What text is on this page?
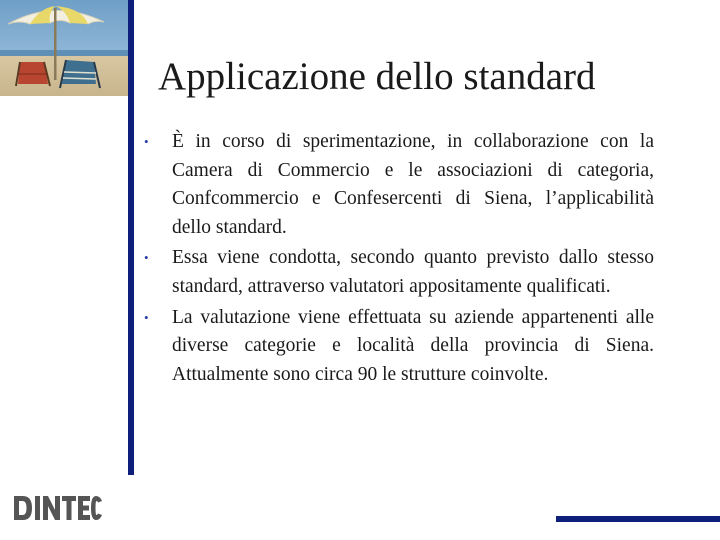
Applicazione dello standard

• È in corso di sperimentazione, in collaborazione con la Camera di Commercio e le associazioni di categoria, Confcommercio e Confesercenti di Siena, l’applicabilità dello standard.

• Essa viene condotta, secondo quanto previsto dallo stesso standard, attraverso valutatori appositamente qualificati.

• La valutazione viene effettuata su aziende appartenenti alle diverse categorie e località della provincia di Siena. Attualmente sono circa 90 le strutture coinvolte.
